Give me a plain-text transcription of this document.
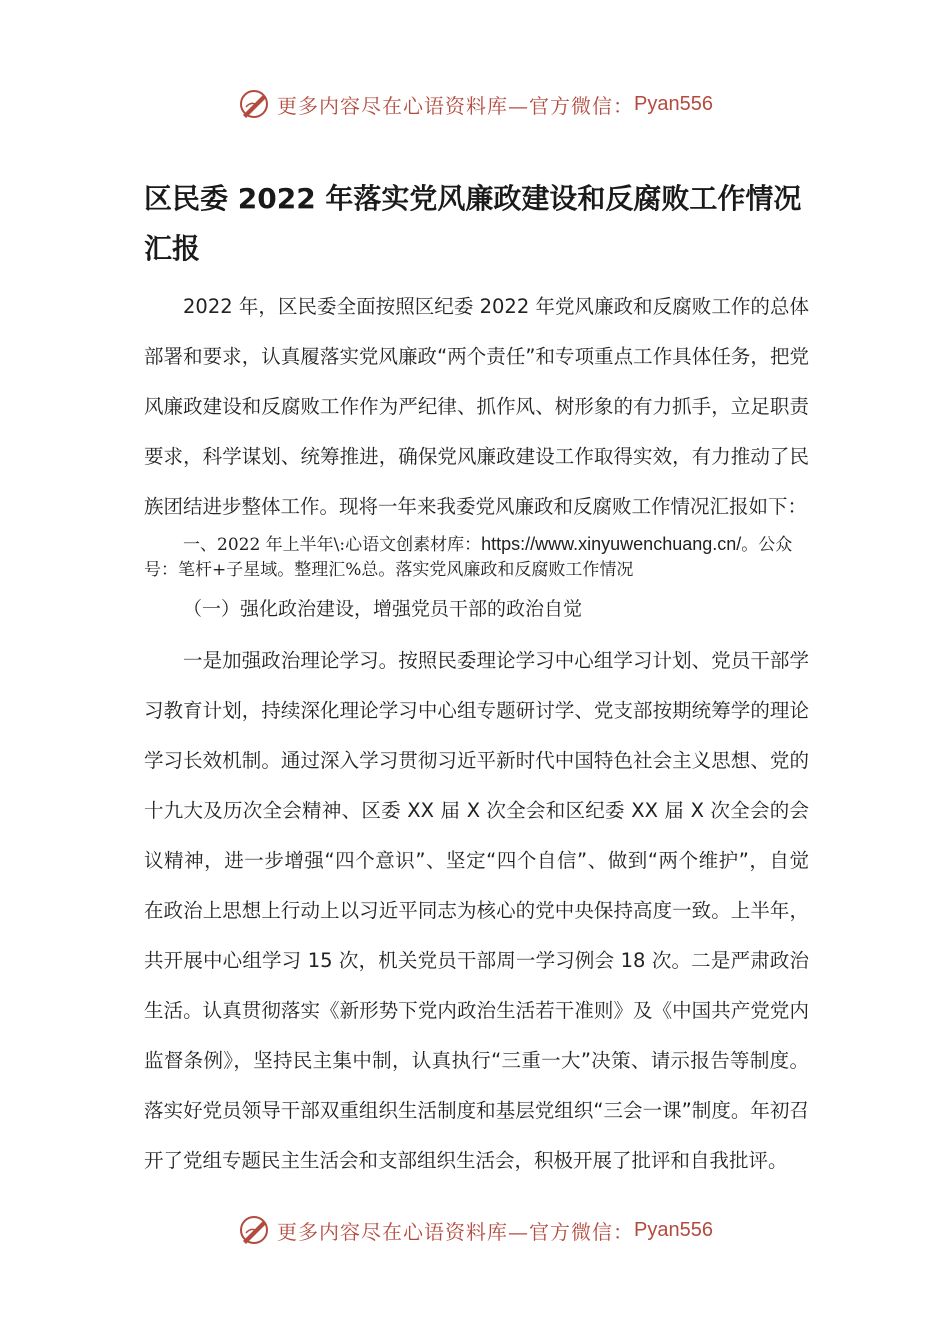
更多内容尽在心语资料库—官方微信： Pyan556
区民委 2022 年落实党风廉政建设和反腐败工作情况汇报

2022 年，区民委全面按照区纪委 2022 年党风廉政和反腐败工作的总体部署和要求，认真履落实党风廉政“两个责任”和专项重点工作具体任务，把党风廉政建设和反腐败工作作为严纪律、抓作风、树形象的有力抓手，立足职责要求，科学谋划、统筹推进，确保党风廉政建设工作取得实效，有力推动了民族团结进步整体工作。现将一年来我委党风廉政和反腐败工作情况汇报如下：

一、2022 年上半年\:心语文创素材库：https://www.xinyuwenchuang.cn/。公众号：笔杆+子星域。整理汇%总。落实党风廉政和反腐败工作情况

（一）强化政治建设，增强党员干部的政治自觉

一是加强政治理论学习。按照民委理论学习中心组学习计划、党员干部学习教育计划，持续深化理论学习中心组专题研讨学、党支部按期统筹学的理论学习长效机制。通过深入学习贯彻习近平新时代中国特色社会主义思想、党的十九大及历次全会精神、区委 XX 届 X 次全会和区纪委 XX 届 X 次全会的会议精神，进一步增强“四个意识”、坚定“四个自信”、做到“两个维护”，自觉在政治上思想上行动上以习近平同志为核心的党中央保持高度一致。上半年，共开展中心组学习 15 次，机关党员干部周一学习例会 18 次。二是严肃政治生活。认真贯彻落实《新形势下党内政治生活若干准则》及《中国共产党党内监督条例》，坚持民主集中制，认真执行“三重一大”决策、请示报告等制度。落实好党员领导干部双重组织生活制度和基层党组织“三会一课”制度。年初召开了党组专题民主生活会和支部组织生活会，积极开展了批评和自我批评。

更多内容尽在心语资料库—官方微信： Pyan556
